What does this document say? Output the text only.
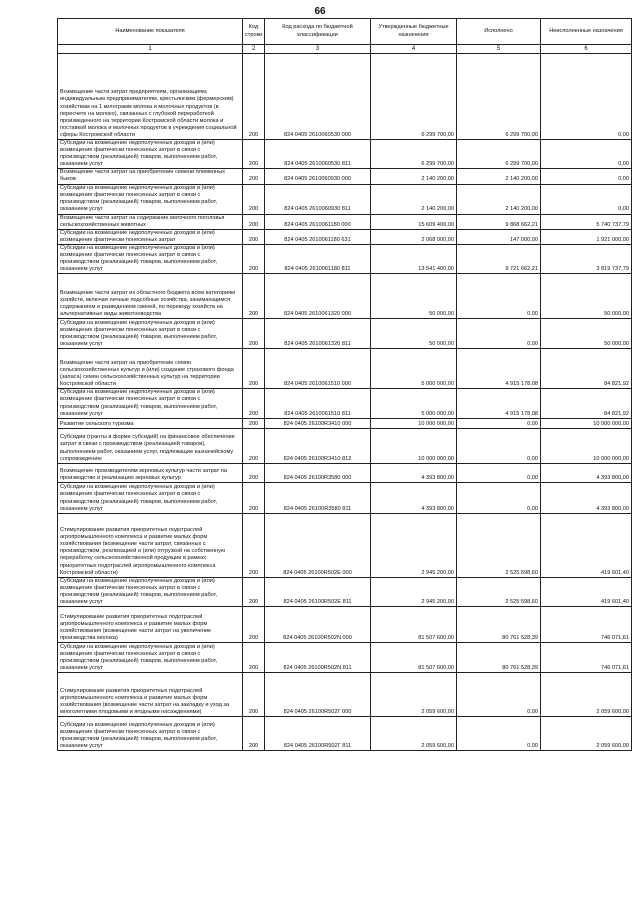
66
Наименование показателя	Код строки	Код расхода по бюджетной классификации	Утвержденные бюджетные назначения	Исполнено	Неисполненные назначения
1	2	3	4	5	6
Возмещение части затрат предприятиям, организациям, индивидуальным предпринимателям, крестьянским (фермерским) хозяйствам на 1 килограмм молока и молочных продуктов (в пересчете на молоко), связанных с глубокой переработкой произведенного на территории Костромской области молока и поставкой молока и молочных продуктов в учреждения социальной сферы Костромской области	200	824 0405 2610060530 000	6 299 700,00	6 299 700,00	0,00
Субсидии на возмещение недополученных доходов и (или) возмещение фактически понесенных затрат в связи с производством (реализацией) товаров, выполнением работ, оказанием услуг	200	824 0405 2610060530 811	6 299 700,00	6 299 700,00	0,00
Возмещение части затрат на приобретение семени племенных быков	200	824 0405 2610060930 000	2 140 200,00	2 140 200,00	0,00
Субсидии на возмещение недополученных доходов и (или) возмещение фактически понесенных затрат в связи с производством (реализацией) товаров, выполнением работ, оказанием услуг	200	824 0405 2610060930 811	2 140 200,00	2 140 200,00	0,00
Возмещение части затрат на содержание маточного поголовья сельскохозяйственных животных	200	824 0405 2610061180 000	15 609 400,00	9 868 662,21	5 740 737,79
Субсидии на возмещение недополученных доходов и (или) возмещение фактически понесенных затрат	200	824 0405 2610061180 631	2 068 000,00	147 000,00	1 921 000,00
Субсидии на возмещение недополученных доходов и (или) возмещение фактически понесенных затрат в связи с производством (реализацией) товаров, выполнением работ, оказанием услуг	200	824 0405 2610061180 811	13 541 400,00	9 721 662,21	3 819 737,79
Возмещение части затрат из областного бюджета всем категориям хозяйств, включая личные подсобные хозяйства, занимающимся содержанием и разведением свиней, по переводу хозяйств на альтернативные виды животноводства	200	824 0405 2610061320 000	50 000,00	0,00	50 000,00
Субсидии на возмещение недополученных доходов и (или) возмещение фактически понесенных затрат в связи с производством (реализацией) товаров, выполнением работ, оказанием услуг	200	824 0405 2610061320 811	50 000,00	0,00	50 000,00
Возмещение части затрат на приобретение семян сельскохозяйственных культур и (или) создание страхового фонда (запаса) семян сельскохозяйственных культур на территории Костромской области	200	824 0405 2610061510 000	5 000 000,00	4 915 178,08	84 821,92
Субсидии на возмещение недополученных доходов и (или) возмещение фактически понесенных затрат в связи с производством (реализацией) товаров, выполнением работ, оказанием услуг	200	824 0405 2610061510 811	5 000 000,00	4 915 178,08	84 821,92
Развитие сельского туризма	200	824 0405 26100R3410 000	10 000 000,00	0,00	10 000 000,00
Субсидии (гранты в форме субсидий) на финансовое обеспечение затрат в связи с производством (реализацией товаров), выполнением работ, оказанием услуг, подлежащие казначейскому сопровождению	200	824 0405 26100R3410 812	10 000 000,00	0,00	10 000 000,00
Возмещение производителям зерновых культур части затрат на производство и реализацию зерновых культур	200	824 0405 26100R3580 000	4 393 800,00	0,00	4 393 800,00
Субсидии на возмещение недополученных доходов и (или) возмещение фактически понесенных затрат в связи с производством (реализацией) товаров, выполнением работ, оказанием услуг	200	824 0405 26100R3580 811	4 393 800,00	0,00	4 393 800,00
Стимулирование развития приоритетных подотраслей агропромышленного комплекса и развитие малых форм хозяйствования (возмещение части затрат, связанных с производством, реализацией и (или) отгрузкой на собственную переработку сельскохозяйственной продукции в рамках приоритетных подотраслей агропромышленного комплекса Костромской области)	200	824 0405 26100R502E 000	2 945 200,00	2 525 598,60	419 601,40
Субсидии на возмещение недополученных доходов и (или) возмещение фактически понесенных затрат в связи с производством (реализацией) товаров, выполнением работ, оказанием услуг	200	824 0405 26100R502E 811	2 945 200,00	2 525 598,60	419 601,40
Стимулирование развития приоритетных подотраслей агропромышленного комплекса и развитие малых форм хозяйствования (возмещение части затрат на увеличение производства молока)	200	824 0405 26100R502N 000	81 507 600,00	80 761 528,39	746 071,61
Субсидии на возмещение недополученных доходов и (или) возмещение фактически понесенных затрат в связи с производством (реализацией) товаров, выполнением работ, оказанием услуг	200	824 0405 26100R502N 811	81 507 600,00	80 761 528,39	746 071,61
Стимулирование развития приоритетных подотраслей агропромышленного комплекса и развитие малых форм хозяйствования (возмещение части затрат на закладку и уход за многолетними плодовыми и ягодными насаждениями)	200	824 0405 26100R502Г 000	2 059 600,00	0,00	2 059 600,00
Субсидии на возмещение недополученных доходов и (или) возмещение фактически понесенных затрат в связи с производством (реализацией) товаров, выполнением работ, оказанием услуг	200	824 0405 26100R502Г 811	2 059 600,00	0,00	2 059 600,00
